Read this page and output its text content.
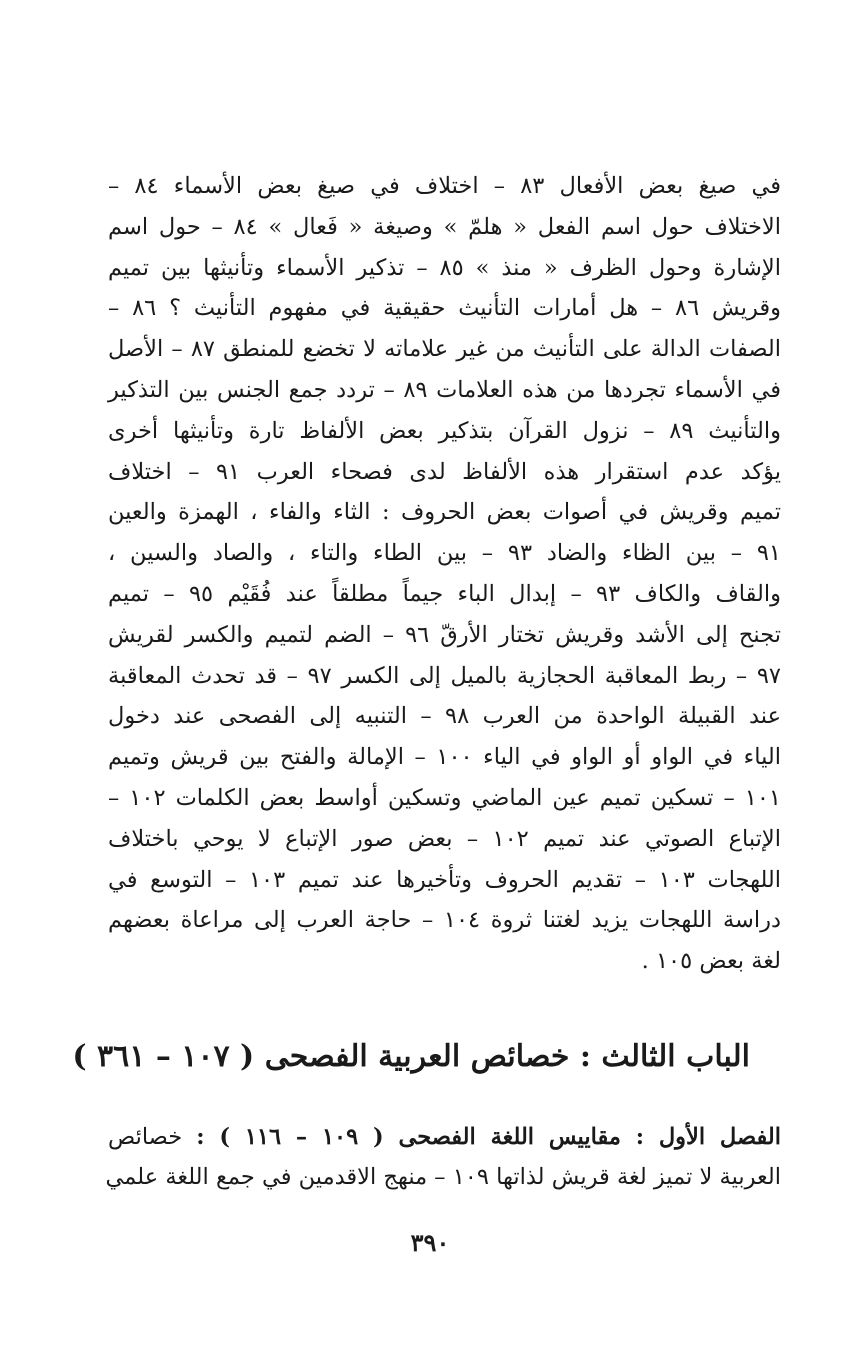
في صيغ بعض الأفعال ٨٣ – اختلاف في صيغ بعض الأسماء ٨٤ –
الاختلاف حول اسم الفعل « هلمّ » وصيغة « فَعال » ٨٤ – حول اسم
الإشارة وحول الظرف « منذ » ٨٥ – تذكير الأسماء وتأنيثها بين تميم
وقريش ٨٦ – هل أمارات التأنيث حقيقية في مفهوم التأنيث ؟ ٨٦ –
الصفات الدالة على التأنيث من غير علاماته لا تخضع للمنطق ٨٧ – الأصل
في الأسماء تجردها من هذه العلامات ٨٩ – تردد جمع الجنس بين التذكير
والتأنيث ٨٩ – نزول القرآن بتذكير بعض الألفاظ تارة وتأنيثها أخرى
يؤكد عدم استقرار هذه الألفاظ لدى فصحاء العرب ٩١ – اختلاف
تميم وقريش في أصوات بعض الحروف : الثاء والفاء ، الهمزة والعين
٩١ – بين الظاء والضاد ٩٣ – بين الطاء والتاء ، والصاد والسين ،
والقاف والكاف ٩٣ – إبدال الباء جيماً مطلقاً عند فُقَيْم ٩٥ – تميم
تجنح إلى الأشد وقريش تختار الأرقّ ٩٦ – الضم لتميم والكسر لقريش
٩٧ – ربط المعاقبة الحجازية بالميل إلى الكسر ٩٧ – قد تحدث المعاقبة
عند القبيلة الواحدة من العرب ٩٨ – التنبيه إلى الفصحى عند دخول
الياء في الواو أو الواو في الياء ١٠٠ – الإمالة والفتح بين قريش وتميم
١٠١ – تسكين تميم عين الماضي وتسكين أواسط بعض الكلمات ١٠٢ –
الإتباع الصوتي عند تميم ١٠٢ – بعض صور الإتباع لا يوحي باختلاف
اللهجات ١٠٣ – تقديم الحروف وتأخيرها عند تميم ١٠٣ – التوسع في
دراسة اللهجات يزيد لغتنا ثروة ١٠٤ – حاجة العرب إلى مراعاة بعضهم
لغة بعض ١٠٥ .
الباب الثالث : خصائص العربية الفصحى ( ١٠٧ – ٣٦١ )
الفصل الأول : مقاييس اللغة الفصحى ( ١٠٩ – ١١٦ ) : خصائص
العربية لا تميز لغة قريش لذاتها ١٠٩ – منهج الاقدمين في جمع اللغة علمي
٣٩٠
